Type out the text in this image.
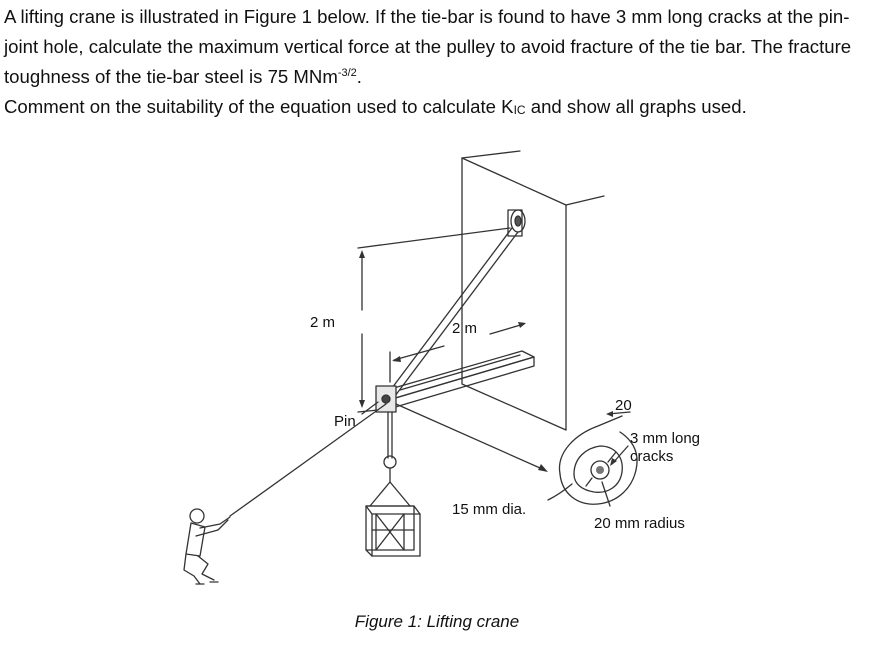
A lifting crane is illustrated in Figure 1 below. If the tie-bar is found to have 3 mm long cracks at the pin-joint hole, calculate the maximum vertical force at the pulley to avoid fracture of the tie bar. The fracture toughness of the tie-bar steel is 75 MNm$^{-3/2}$.

Comment on the suitability of the equation used to calculate $K_{IC}$ and show all graphs used.

2 m	2 m
Pin
15 mm dia.
20
3 mm long
cracks
20 mm radius
Figure 1: Lifting crane
